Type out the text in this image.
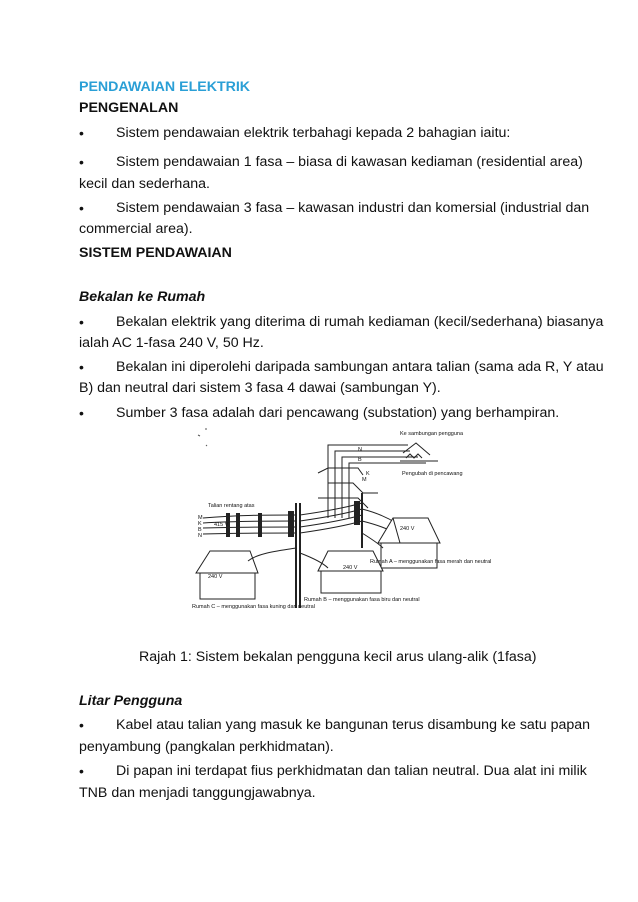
PENDAWAIAN ELEKTRIK
PENGENALAN
• Sistem pendawaian elektrik terbahagi kepada 2 bahagian iaitu:
• Sistem pendawaian 1 fasa – biasa di kawasan kediaman (residential area)
kecil dan sederhana.
• Sistem pendawaian 3 fasa – kawasan industri dan komersial (industrial dan
commercial area).
SISTEM PENDAWAIAN
Bekalan ke Rumah
• Bekalan elektrik yang diterima di rumah kediaman (kecil/sederhana) biasanya
ialah AC 1-fasa 240 V, 50 Hz.
• Bekalan ini diperolehi daripada sambungan antara talian (sama ada R, Y atau
B) dan neutral dari sistem 3 fasa 4 dawai (sambungan Y).
• Sumber 3 fasa adalah dari pencawang (substation) yang berhampiran.
Ke sambungan pengguna
Pengubah di pencawang
Talian rentang atas
415 V
240 V
240 V
240 V
Rumah A – menggunakan fasa merah dan neutral
Rumah B – menggunakan fasa biru dan neutral
Rumah C – menggunakan fasa kuning dan neutral
N
B
K
M
M
K
B
N
Rajah 1: Sistem bekalan pengguna kecil arus ulang-alik (1fasa)
Litar Pengguna
• Kabel atau talian yang masuk ke bangunan terus disambung ke satu papan
penyambung (pangkalan perkhidmatan).
• Di papan ini terdapat fius perkhidmatan dan talian neutral. Dua alat ini milik
TNB dan menjadi tanggungjawabnya.
